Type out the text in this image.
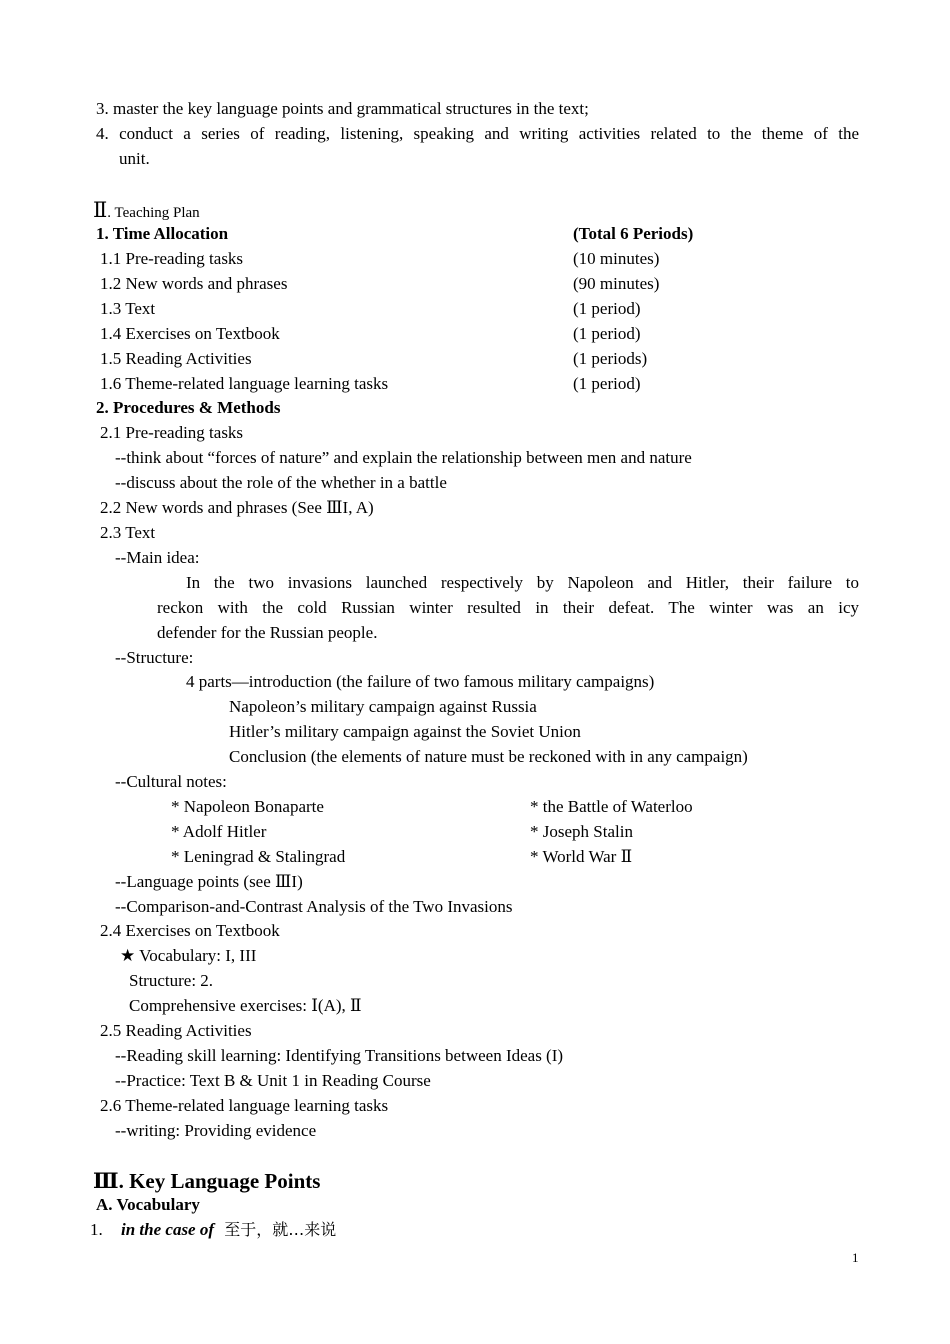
3. master the key language points and grammatical structures in the text;
4. conduct a series of reading, listening, speaking and writing activities related to the theme of the
unit.
Ⅱ. Teaching Plan
1. Time Allocation	(Total 6 Periods)
1.1 Pre-reading tasks	(10 minutes)
1.2 New words and phrases	(90 minutes)
1.3 Text	(1 period)
1.4 Exercises on Textbook	(1 period)
1.5 Reading Activities	(1 periods)
1.6 Theme-related language learning tasks	(1 period)
2. Procedures & Methods
2.1 Pre-reading tasks
--think about “forces of nature” and explain the relationship between men and nature
--discuss about the role of the whether in a battle
2.2 New words and phrases (See ⅢI, A)
2.3 Text
--Main idea:
In the two invasions launched respectively by Napoleon and Hitler, their failure to
reckon with the cold Russian winter resulted in their defeat. The winter was an icy
defender for the Russian people.
--Structure:
4 parts—introduction (the failure of two famous military campaigns)
Napoleon’s military campaign against Russia
Hitler’s military campaign against the Soviet Union
Conclusion (the elements of nature must be reckoned with in any campaign)
--Cultural notes:
* Napoleon Bonaparte	* the Battle of Waterloo
* Adolf Hitler	* Joseph Stalin
* Leningrad & Stalingrad	* World War Ⅱ
--Language points (see ⅢI)
--Comparison-and-Contrast Analysis of the Two Invasions
2.4 Exercises on Textbook
★ Vocabulary: I, III
Structure: 2.
Comprehensive exercises: Ⅰ(A), Ⅱ
2.5 Reading Activities
--Reading skill learning: Identifying Transitions between Ideas (I)
--Practice: Text B & Unit 1 in Reading Course
2.6 Theme-related language learning tasks
--writing: Providing evidence
Ⅲ. Key Language Points
A. Vocabulary
1. in the case of 至于，就…来说
1
